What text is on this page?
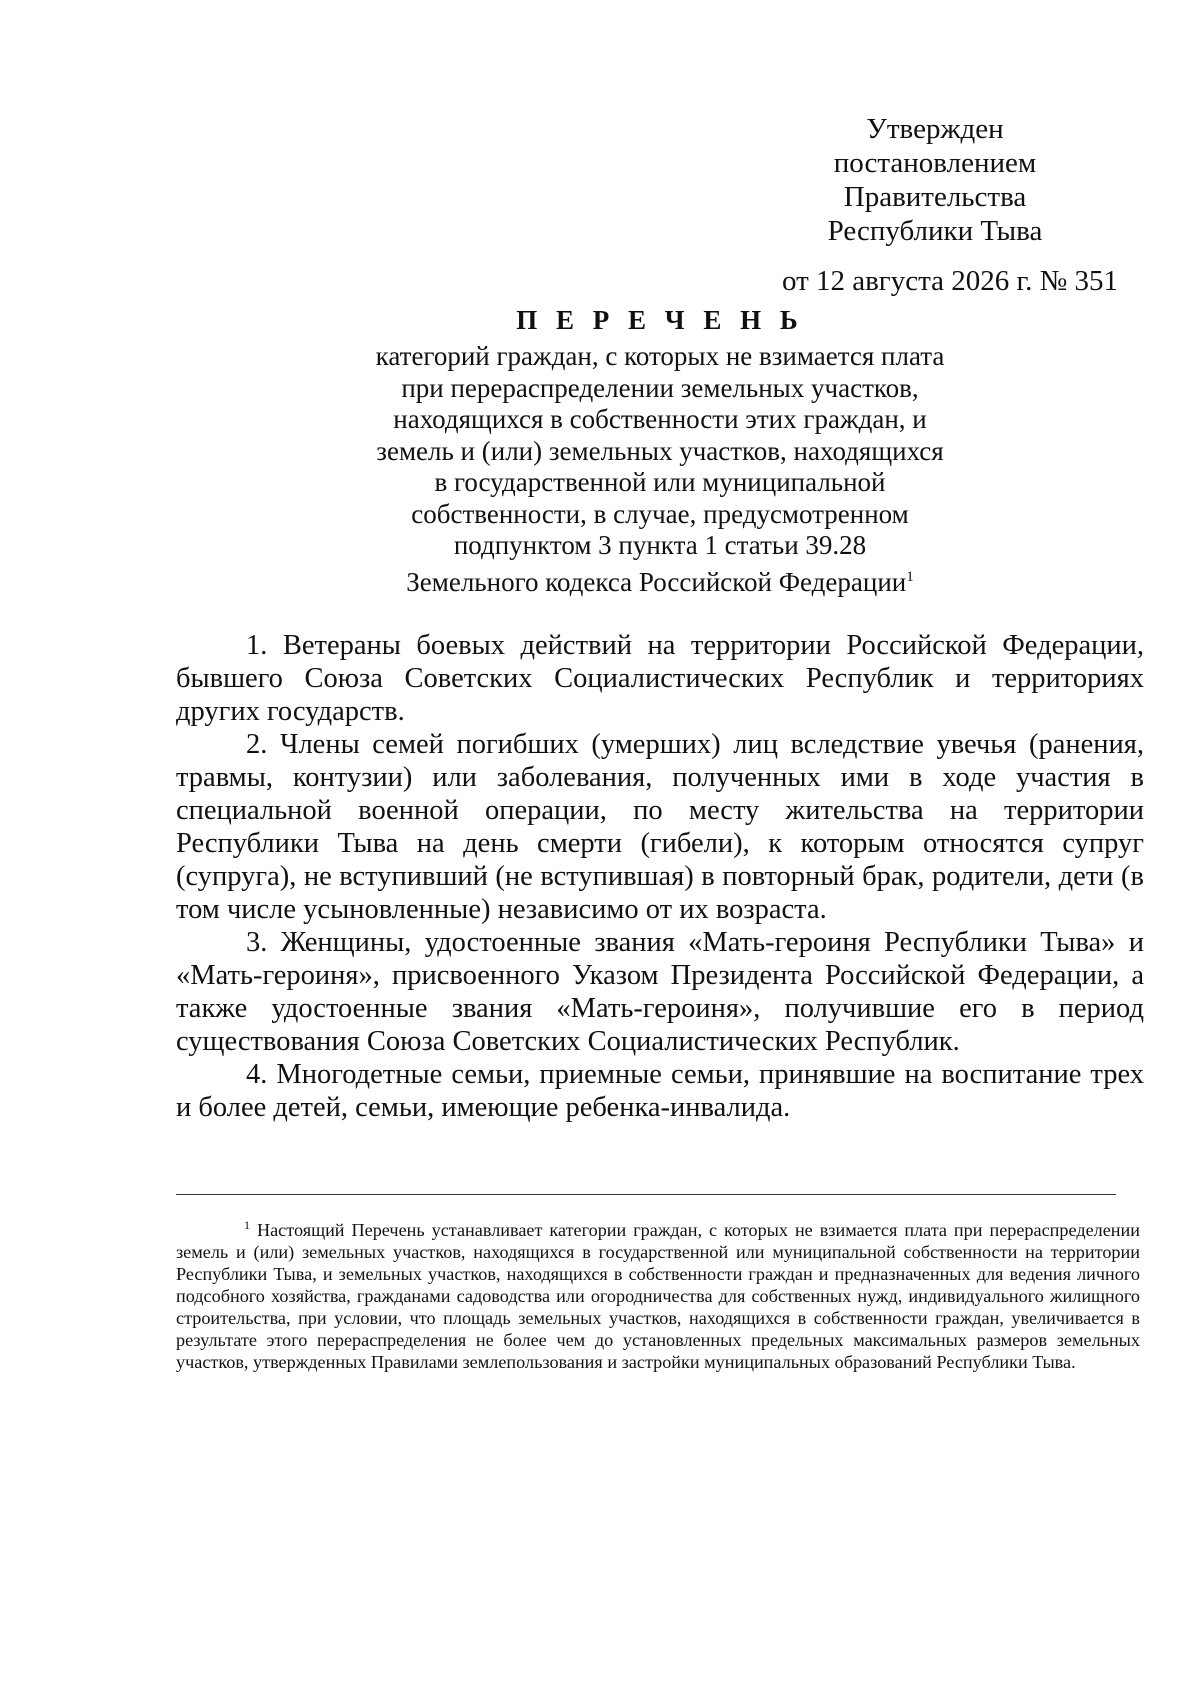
Утвержден
постановлением Правительства
Республики Тыва
от 12 августа 2026 г. № 351
П Е Р Е Ч Е Н Ь
категорий граждан, с которых не взимается плата
при перераспределении земельных участков,
находящихся в собственности этих граждан, и
земель и (или) земельных участков, находящихся
в государственной или муниципальной
собственности, в случае, предусмотренном
подпунктом 3 пункта 1 статьи 39.28
Земельного кодекса Российской Федерации$^1$

1. Ветераны боевых действий на территории Российской Федерации, бывшего Союза Советских Социалистических Республик и территориях других государств.

2. Члены семей погибших (умерших) лиц вследствие увечья (ранения, травмы, контузии) или заболевания, полученных ими в ходе участия в специальной военной операции, по месту жительства на территории Республики Тыва на день смерти (гибели), к которым относятся супруг (супруга), не вступивший (не вступившая) в повторный брак, родители, дети (в том числе усыновленные) независимо от их возраста.

3. Женщины, удостоенные звания «Мать-героиня Республики Тыва» и «Мать-героиня», присвоенного Указом Президента Российской Федерации, а также удостоенные звания «Мать-героиня», получившие его в период существования Союза Советских Социалистических Республик.

4. Многодетные семьи, приемные семьи, принявшие на воспитание трех и более детей, семьи, имеющие ребенка-инвалида.

$^1$ Настоящий Перечень устанавливает категории граждан, с которых не взимается плата при перераспределении земель и (или) земельных участков, находящихся в государственной или муниципальной собственности на территории Республики Тыва, и земельных участков, находящихся в собственности граждан и предназначенных для ведения личного подсобного хозяйства, гражданами садоводства или огородничества для собственных нужд, индивидуального жилищного строительства, при условии, что площадь земельных участков, находящихся в собственности граждан, увеличивается в результате этого перераспределения не более чем до установленных предельных максимальных размеров земельных участков, утвержденных Правилами землепользования и застройки муниципальных образований Республики Тыва.
